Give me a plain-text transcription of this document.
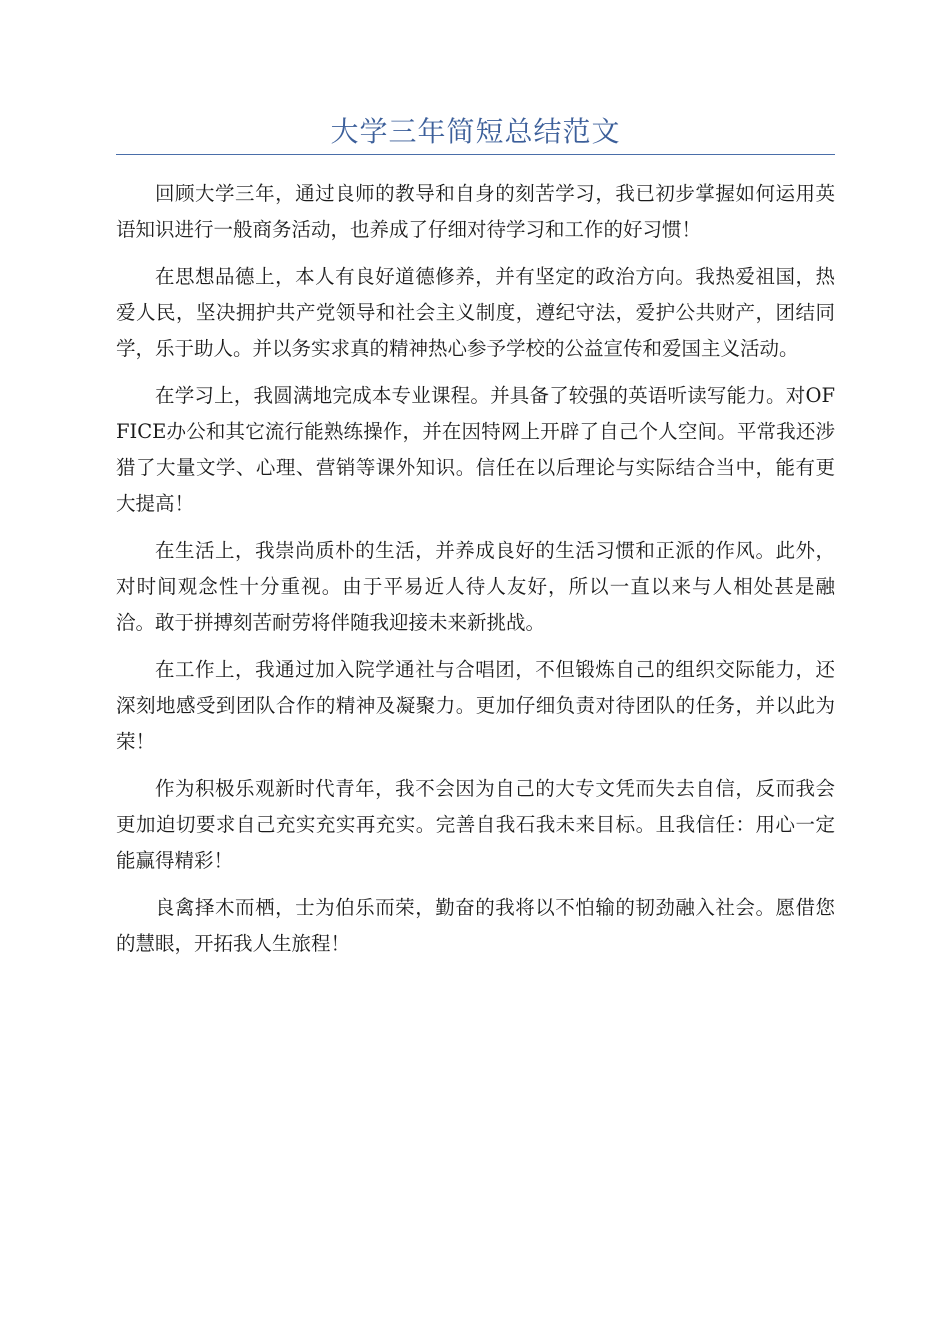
大学三年简短总结范文

回顾大学三年，通过良师的教导和自身的刻苦学习，我已初步掌握如何运用英语知识进行一般商务活动，也养成了仔细对待学习和工作的好习惯！

在思想品德上，本人有良好道德修养，并有坚定的政治方向。我热爱祖国，热爱人民，坚决拥护共产党领导和社会主义制度，遵纪守法，爱护公共财产，团结同学，乐于助人。并以务实求真的精神热心参予学校的公益宣传和爱国主义活动。

在学习上，我圆满地完成本专业课程。并具备了较强的英语听读写能力。对OFFICE办公和其它流行能熟练操作，并在因特网上开辟了自己个人空间。平常我还涉猎了大量文学、心理、营销等课外知识。信任在以后理论与实际结合当中，能有更大提高！

在生活上，我崇尚质朴的生活，并养成良好的生活习惯和正派的作风。此外，对时间观念性十分重视。由于平易近人待人友好，所以一直以来与人相处甚是融洽。敢于拼搏刻苦耐劳将伴随我迎接未来新挑战。

在工作上，我通过加入院学通社与合唱团，不但锻炼自己的组织交际能力，还深刻地感受到团队合作的精神及凝聚力。更加仔细负责对待团队的任务，并以此为荣！

作为积极乐观新时代青年，我不会因为自己的大专文凭而失去自信，反而我会更加迫切要求自己充实充实再充实。完善自我石我未来目标。且我信任：用心一定能赢得精彩！

良禽择木而栖，士为伯乐而荣，勤奋的我将以不怕输的韧劲融入社会。愿借您的慧眼，开拓我人生旅程！
